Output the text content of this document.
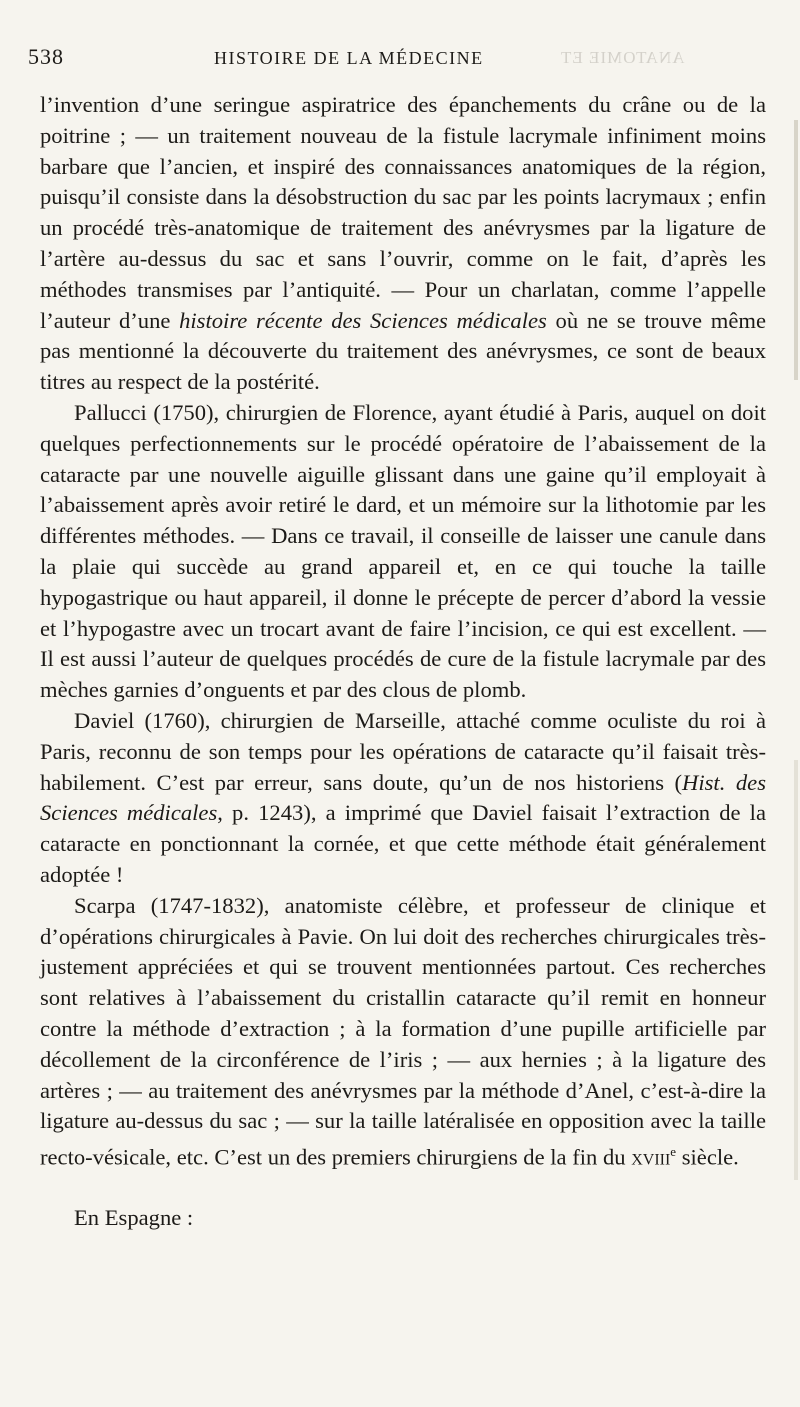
ANATOMIE ET
538	HISTOIRE DE LA MÉDECINE

l’invention d’une seringue aspiratrice des épanchements du crâne ou de la poitrine ; — un traitement nouveau de la fistule lacrymale infiniment moins barbare que l’ancien, et inspiré des connaissances anatomiques de la région, puisqu’il consiste dans la désobstruction du sac par les points lacrymaux ; enfin un procédé très-anatomique de traitement des anévrysmes par la ligature de l’artère au-dessus du sac et sans l’ouvrir, comme on le fait, d’après les méthodes transmises par l’antiquité. — Pour un charlatan, comme l’appelle l’auteur d’une histoire récente des Sciences médicales où ne se trouve même pas mentionné la découverte du traitement des anévrysmes, ce sont de beaux titres au respect de la postérité.

Pallucci (1750), chirurgien de Florence, ayant étudié à Paris, auquel on doit quelques perfectionnements sur le procédé opératoire de l’abaissement de la cataracte par une nouvelle aiguille glissant dans une gaine qu’il employait à l’abaissement après avoir retiré le dard, et un mémoire sur la lithotomie par les différentes méthodes. — Dans ce travail, il conseille de laisser une canule dans la plaie qui succède au grand appareil et, en ce qui touche la taille hypogastrique ou haut appareil, il donne le précepte de percer d’abord la vessie et l’hypogastre avec un trocart avant de faire l’incision, ce qui est excellent. — Il est aussi l’auteur de quelques procédés de cure de la fistule lacrymale par des mèches garnies d’onguents et par des clous de plomb.

Daviel (1760), chirurgien de Marseille, attaché comme oculiste du roi à Paris, reconnu de son temps pour les opérations de cataracte qu’il faisait très-habilement. C’est par erreur, sans doute, qu’un de nos historiens (Hist. des Sciences médicales, p. 1243), a imprimé que Daviel faisait l’extraction de la cataracte en ponctionnant la cornée, et que cette méthode était généralement adoptée !

Scarpa (1747-1832), anatomiste célèbre, et professeur de clinique et d’opérations chirurgicales à Pavie. On lui doit des recherches chirurgicales très-justement appréciées et qui se trouvent mentionnées partout. Ces recherches sont relatives à l’abaissement du cristallin cataracte qu’il remit en honneur contre la méthode d’extraction ; à la formation d’une pupille artificielle par décollement de la circonférence de l’iris ; — aux hernies ; à la ligature des artères ; — au traitement des anévrysmes par la méthode d’Anel, c’est-à-dire la ligature au-dessus du sac ; — sur la taille latéralisée en opposition avec la taille recto-vésicale, etc. C’est un des premiers chirurgiens de la fin du xviii$^e$ siècle.

En Espagne :
